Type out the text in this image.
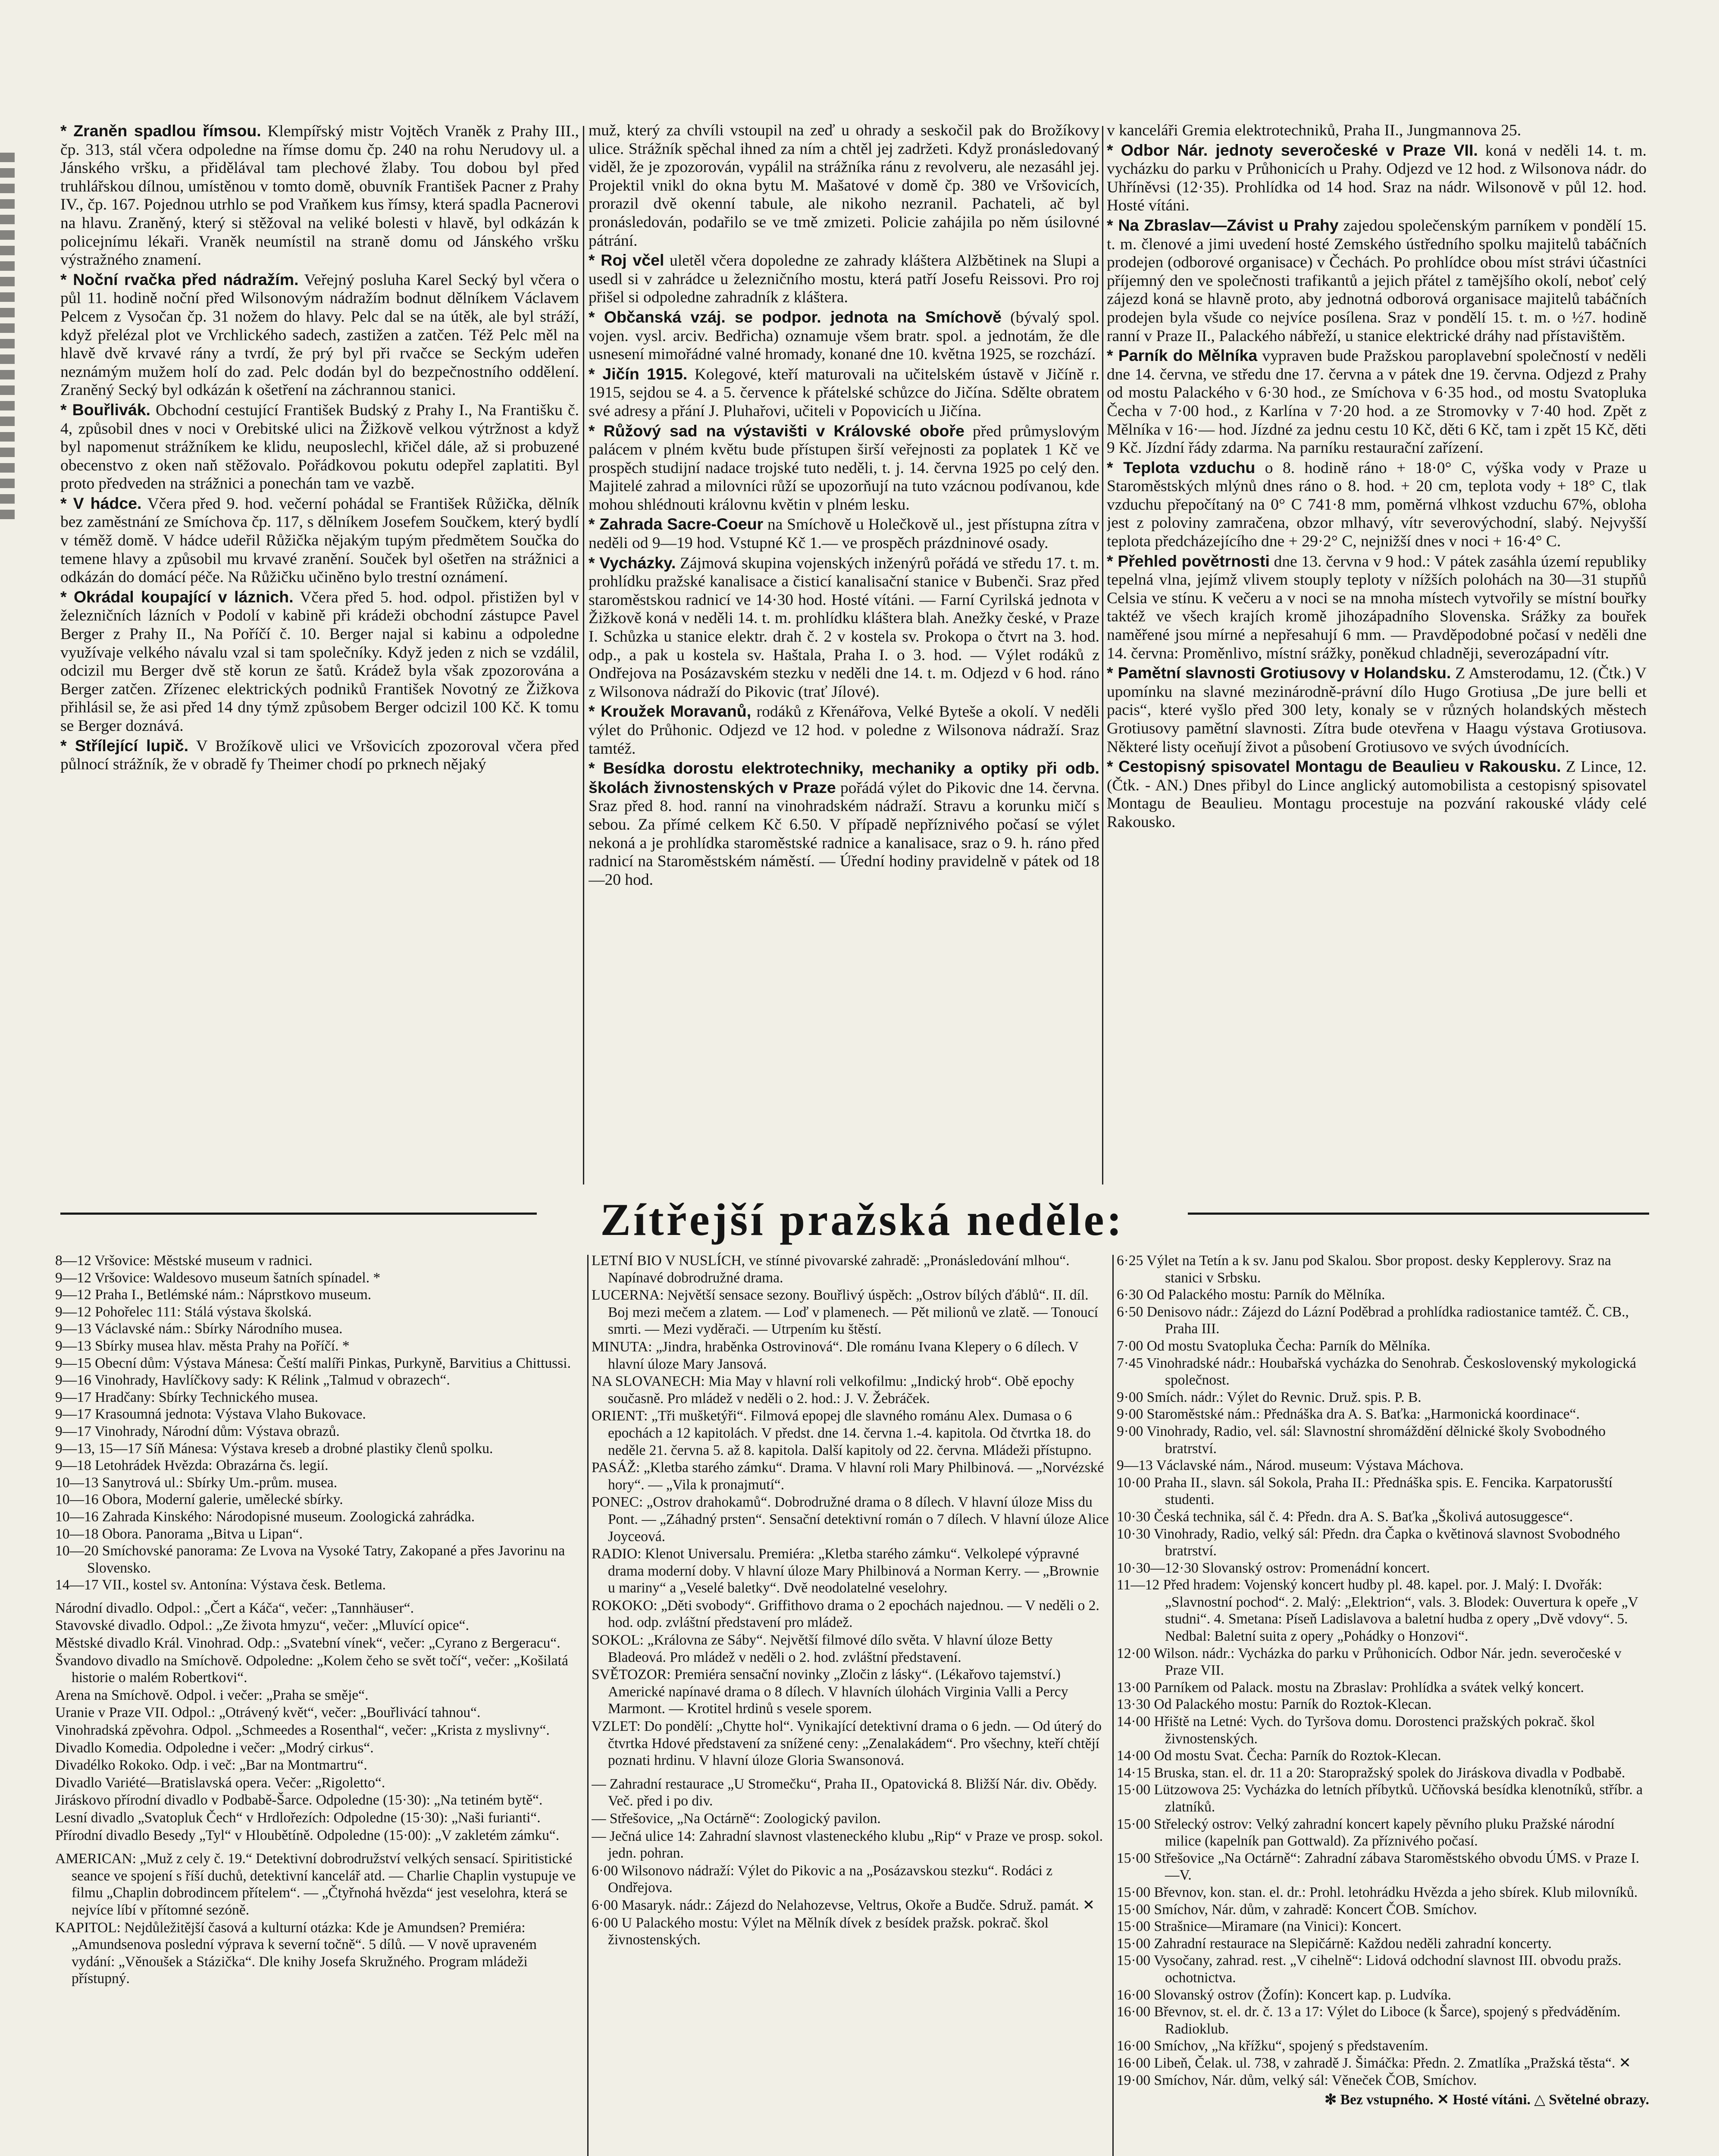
* Zraněn spadlou římsou. Klempířský mistr Vojtěch Vraněk z Prahy III., čp. 313, stál včera odpoledne na římse domu čp. 240 na rohu Nerudovy ul. a Jánského vršku, a přidělával tam plechové žlaby. Tou dobou byl před truhlářskou dílnou, umístěnou v tomto domě, obuvník František Pacner z Prahy IV., čp. 167. Pojednou utrhlo se pod Vraňkem kus římsy, která spadla Pacnerovi na hlavu. Zraněný, který si stěžoval na veliké bolesti v hlavě, byl odkázán k policejnímu lékaři. Vraněk neumístil na straně domu od Jánského vršku výstražného znamení.

* Noční rvačka před nádražím. Veřejný posluha Karel Secký byl včera o půl 11. hodině noční před Wilsonovým nádražím bodnut dělníkem Václavem Pelcem z Vysočan čp. 31 nožem do hlavy. Pelc dal se na útěk, ale byl stráží, když přelézal plot ve Vrchlického sadech, zastižen a zatčen. Též Pelc měl na hlavě dvě krvavé rány a tvrdí, že prý byl při rvačce se Seckým udeřen neznámým mužem holí do zad. Pelc dodán byl do bezpečnostního oddělení. Zraněný Secký byl odkázán k ošetření na záchrannou stanici.

* Bouřlivák. Obchodní cestující František Budský z Prahy I., Na Františku č. 4, způsobil dnes v noci v Orebitské ulici na Žižkově velkou výtržnost a když byl napomenut strážníkem ke klidu, neuposlechl, křičel dále, až si probuzené obecenstvo z oken naň stěžovalo. Pořádkovou pokutu odepřel zaplatiti. Byl proto předveden na strážnici a ponechán tam ve vazbě.

* V hádce. Včera před 9. hod. večerní pohádal se František Růžička, dělník bez zaměstnání ze Smíchova čp. 117, s dělníkem Josefem Součkem, který bydlí v téměž domě. V hádce udeřil Růžička nějakým tupým předmětem Součka do temene hlavy a způsobil mu krvavé zranění. Souček byl ošetřen na strážnici a odkázán do domácí péče. Na Růžičku učiněno bylo trestní oznámení.

* Okrádal koupající v láznich. Včera před 5. hod. odpol. přistižen byl v železničních lázních v Podolí v kabině při krádeži obchodní zástupce Pavel Berger z Prahy II., Na Poříčí č. 10. Berger najal si kabinu a odpoledne využívaje velkého návalu vzal si tam společníky. Když jeden z nich se vzdálil, odcizil mu Berger dvě stě korun ze šatů. Krádež byla však zpozorována a Berger zatčen. Zřízenec elektrických podniků František Novotný ze Žižkova přihlásil se, že asi před 14 dny týmž způsobem Berger odcizil 100 Kč. K tomu se Berger doznává.

* Střílející lupič. V Brožíkově ulici ve Vršovicích zpozoroval včera před půlnocí strážník, že v obradě fy Theimer chodí po prknech nějaký

muž, který za chvíli vstoupil na zeď u ohrady a seskočil pak do Brožíkovy ulice. Strážník spěchal ihned za ním a chtěl jej zadržeti. Když pronásledovaný viděl, že je zpozorován, vypálil na strážníka ránu z revolveru, ale nezasáhl jej. Projektil vnikl do okna bytu M. Mašatové v domě čp. 380 ve Vršovicích, prorazil dvě okenní tabule, ale nikoho nezranil. Pachateli, ač byl pronásledován, podařilo se ve tmě zmizeti. Policie zahájila po něm úsilovné pátrání.

* Roj včel uletěl včera dopoledne ze zahrady kláštera Alžbětinek na Slupi a usedl si v zahrádce u železničního mostu, která patří Josefu Reissovi. Pro roj přišel si odpoledne zahradník z kláštera.

* Občanská vzáj. se podpor. jednota na Smíchově (bývalý spol. vojen. vysl. arciv. Bedřicha) oznamuje všem bratr. spol. a jednotám, že dle usnesení mimořádné valné hromady, konané dne 10. května 1925, se rozchází.

* Jičín 1915. Kolegové, kteří maturovali na učitelském ústavě v Jičíně r. 1915, sejdou se 4. a 5. července k přátelské schůzce do Jičína. Sdělte obratem své adresy a přání J. Pluhařovi, učiteli v Popovicích u Jičína.

* Růžový sad na výstavišti v Královské oboře před průmyslovým palácem v plném květu bude přístupen širší veřejnosti za poplatek 1 Kč ve prospěch studijní nadace trojské tuto neděli, t. j. 14. června 1925 po celý den. Majitelé zahrad a milovníci růží se upozorňují na tuto vzácnou podívanou, kde mohou shlédnouti královnu květin v plném lesku.

* Zahrada Sacre-Coeur na Smíchově u Holečkově ul., jest přístupna zítra v neděli od 9—19 hod. Vstupné Kč 1.— ve prospěch prázdninové osady.

* Vycházky. Zájmová skupina vojenských inženýrů pořádá ve středu 17. t. m. prohlídku pražské kanalisace a čisticí kanalisační stanice v Bubenči. Sraz před staroměstskou radnicí ve 14·30 hod. Hosté vítáni. — Farní Cyrilská jednota v Žižkově koná v neděli 14. t. m. prohlídku kláštera blah. Anežky české, v Praze I. Schůzka u stanice elektr. drah č. 2 v kostela sv. Prokopa o čtvrt na 3. hod. odp., a pak u kostela sv. Haštala, Praha I. o 3. hod. — Výlet rodáků z Ondřejova na Posázavském stezku v neděli dne 14. t. m. Odjezd v 6 hod. ráno z Wilsonova nádraží do Pikovic (trať Jílové).

* Kroužek Moravanů, rodáků z Křenářova, Velké Byteše a okolí. V neděli výlet do Průhonic. Odjezd ve 12 hod. v poledne z Wilsonova nádraží. Sraz tamtéž.

* Besídka dorostu elektrotechniky, mechaniky a optiky při odb. školách živnostenských v Praze pořádá výlet do Pikovic dne 14. června. Sraz před 8. hod. ranní na vinohradském nádraží. Stravu a korunku mičí s sebou. Za přímé celkem Kč 6.50. V případě nepříznivého počasí se výlet nekoná a je prohlídka staroměstské radnice a kanalisace, sraz o 9. h. ráno před radnicí na Staroměstském náměstí. — Úřední hodiny pravidelně v pátek od 18—20 hod.

v kanceláři Gremia elektrotechniků, Praha II., Jungmannova 25.

* Odbor Nár. jednoty severočeské v Praze VII. koná v neděli 14. t. m. vycházku do parku v Průhonicích u Prahy. Odjezd ve 12 hod. z Wilsonova nádr. do Uhříněvsi (12·35). Prohlídka od 14 hod. Sraz na nádr. Wilsonově v půl 12. hod. Hosté vítáni.

* Na Zbraslav—Závist u Prahy zajedou společenským parníkem v pondělí 15. t. m. členové a jimi uvedení hosté Zemského ústředního spolku majitelů tabáčních prodejen (odborové organisace) v Čechách. Po prohlídce obou míst strávi účastníci příjemný den ve společnosti trafikantů a jejich přátel z tamějšího okolí, neboť celý zájezd koná se hlavně proto, aby jednotná odborová organisace majitelů tabáčních prodejen byla všude co nejvíce posílena. Sraz v pondělí 15. t. m. o ½7. hodině ranní v Praze II., Palackého nábřeží, u stanice elektrické dráhy nad přístavištěm.

* Parník do Mělníka vypraven bude Pražskou paroplavební společností v neděli dne 14. června, ve středu dne 17. června a v pátek dne 19. června. Odjezd z Prahy od mostu Palackého v 6·30 hod., ze Smíchova v 6·35 hod., od mostu Svatopluka Čecha v 7·00 hod., z Karlína v 7·20 hod. a ze Stromovky v 7·40 hod. Zpět z Mělníka v 16·— hod. Jízdné za jednu cestu 10 Kč, děti 6 Kč, tam i zpět 15 Kč, děti 9 Kč. Jízdní řády zdarma. Na parníku restaurační zařízení.

* Teplota vzduchu o 8. hodině ráno + 18·0° C, výška vody v Praze u Staroměstských mlýnů dnes ráno o 8. hod. + 20 cm, teplota vody + 18° C, tlak vzduchu přepočítaný na 0° C 741·8 mm, poměrná vlhkost vzduchu 67%, obloha jest z poloviny zamračena, obzor mlhavý, vítr severovýchodní, slabý. Nejvyšší teplota předcházejícího dne + 29·2° C, nejnižší dnes v noci + 16·4° C.

* Přehled povětrnosti dne 13. června v 9 hod.: V pátek zasáhla území republiky tepelná vlna, jejímž vlivem stouply teploty v nížších polohách na 30—31 stupňů Celsia ve stínu. K večeru a v noci se na mnoha místech vytvořily se místní bouřky taktéž ve všech krajích kromě jihozápadního Slovenska. Srážky za bouřek naměřené jsou mírné a nepřesahují 6 mm. — Pravděpodobné počasí v neděli dne 14. června: Proměnlivo, místní srážky, poněkud chladněji, severozápadní vítr.

* Pamětní slavnosti Grotiusovy v Holandsku. Z Amsterodamu, 12. (Čtk.) V upomínku na slavné mezinárodně-právní dílo Hugo Grotiusa „De jure belli et pacis“, které vyšlo před 300 lety, konaly se v různých holandských městech Grotiusovy pamětní slavnosti. Zítra bude otevřena v Haagu výstava Grotiusova. Některé listy oceňují život a působení Grotiusovo ve svých úvodnících.

* Cestopisný spisovatel Montagu de Beaulieu v Rakousku. Z Lince, 12. (Čtk. - AN.) Dnes přibyl do Lince anglický automobilista a cestopisný spisovatel Montagu de Beaulieu. Montagu procestuje na pozvání rakouské vlády celé Rakousko.

Zítřejší pražská neděle:

8—12 Vršovice: Městské museum v radnici.

9—12 Vršovice: Waldesovo museum šatních spínadel. *

9—12 Praha I., Betlémské nám.: Náprstkovo museum.

9—12 Pohořelec 111: Stálá výstava školská.

9—13 Václavské nám.: Sbírky Národního musea.

9—13 Sbírky musea hlav. města Prahy na Poříčí. *

9—15 Obecní dům: Výstava Mánesa: Čeští malíři Pinkas, Purkyně, Barvitius a Chittussi.

9—16 Vinohrady, Havlíčkovy sady: K Rélink „Talmud v obrazech“.

9—17 Hradčany: Sbírky Technického musea.

9—17 Krasoumná jednota: Výstava Vlaho Bukovace.

9—17 Vinohrady, Národní dům: Výstava obrazů.

9—13, 15—17 Síň Mánesa: Výstava kreseb a drobné plastiky členů spolku.

9—18 Letohrádek Hvězda: Obrazárna čs. legií.

10—13 Sanytrová ul.: Sbírky Um.-prům. musea.

10—16 Obora, Moderní galerie, umělecké sbírky.

10—16 Zahrada Kinského: Národopisné museum. Zoologická zahrádka.

10—18 Obora. Panorama „Bitva u Lipan“.

10—20 Smíchovské panorama: Ze Lvova na Vysoké Tatry, Zakopané a přes Javorinu na Slovensko.

14—17 VII., kostel sv. Antonína: Výstava česk. Betlema.

Národní divadlo. Odpol.: „Čert a Káča“, večer: „Tannhäuser“.

Stavovské divadlo. Odpol.: „Ze života hmyzu“, večer: „Mluvící opice“.

Městské divadlo Král. Vinohrad. Odp.: „Svatební vínek“, večer: „Cyrano z Bergeracu“.

Švandovo divadlo na Smíchově. Odpoledne: „Kolem čeho se svět točí“, večer: „Košilatá historie o malém Robertkovi“.

Arena na Smíchově. Odpol. i večer: „Praha se směje“.

Uranie v Praze VII. Odpol.: „Otrávený květ“, večer: „Bouřlivácí tahnou“.

Vinohradská zpěvohra. Odpol. „Schmeedes a Rosenthal“, večer: „Krista z myslivny“.

Divadlo Komedia. Odpoledne i večer: „Modrý cirkus“.

Divadélko Rokoko. Odp. i več: „Bar na Montmartru“.

Divadlo Variété—Bratislavská opera. Večer: „Rigoletto“.

Jiráskovo přírodní divadlo v Podbabě-Šarce. Odpoledne (15·30): „Na tetiném bytě“.

Lesní divadlo „Svatopluk Čech“ v Hrdlořezích: Odpoledne (15·30): „Naši furianti“.

Přírodní divadlo Besedy „Tyl“ v Hloubětíně. Odpoledne (15·00): „V zakletém zámku“.

AMERICAN: „Muž z cely č. 19.“ Detektivní dobrodružství velkých sensací. Spiritistické seance ve spojení s říší duchů, detektivní kancelář atd. — Charlie Chaplin vystupuje ve filmu „Chaplin dobrodincem přítelem“. — „Čtyřnohá hvězda“ jest veselohra, která se nejvíce líbí v přítomné sezóně.

KAPITOL: Nejdůležitější časová a kulturní otázka: Kde je Amundsen? Premiéra: „Amundsenova poslední výprava k severní točně“. 5 dílů. — V nově upraveném vydání: „Věnoušek a Stázička“. Dle knihy Josefa Skružného. Program mládeži přístupný.

LETNÍ BIO V NUSLÍCH, ve stínné pivovarské zahradě: „Pronásledování mlhou“. Napínavé dobrodružné drama.

LUCERNA: Největší sensace sezony. Bouřlivý úspěch: „Ostrov bílých ďáblů“. II. díl. Boj mezi mečem a zlatem. — Loď v plamenech. — Pět milionů ve zlatě. — Tonoucí smrti. — Mezi vyděrači. — Utrpením ku štěstí.

MINUTA: „Jindra, hraběnka Ostrovinová“. Dle románu Ivana Klepery o 6 dílech. V hlavní úloze Mary Jansová.

NA SLOVANECH: Mia May v hlavní roli velkofilmu: „Indický hrob“. Obě epochy současně. Pro mládež v neděli o 2. hod.: J. V. Žebráček.

ORIENT: „Tři mušketýři“. Filmová epopej dle slavného románu Alex. Dumasa o 6 epochách a 12 kapitolách. V předst. dne 14. června 1.-4. kapitola. Od čtvrtka 18. do neděle 21. června 5. až 8. kapitola. Další kapitoly od 22. června. Mládeži přístupno.

PASÁŽ: „Kletba starého zámku“. Drama. V hlavní roli Mary Philbinová. — „Norvézské hory“. — „Vila k pronajmutí“.

PONEC: „Ostrov drahokamů“. Dobrodružné drama o 8 dílech. V hlavní úloze Miss du Pont. — „Záhadný prsten“. Sensační detektivní román o 7 dílech. V hlavní úloze Alice Joyceová.

RADIO: Klenot Universalu. Premiéra: „Kletba starého zámku“. Velkolepé výpravné drama moderní doby. V hlavní úloze Mary Philbinová a Norman Kerry. — „Brownie u mariny“ a „Veselé baletky“. Dvě neodolatelné veselohry.

ROKOKO: „Děti svobody“. Griffithovo drama o 2 epochách najednou. — V neděli o 2. hod. odp. zvláštní představení pro mládež.

SOKOL: „Královna ze Sáby“. Největší filmové dílo světa. V hlavní úloze Betty Bladeová. Pro mládež v neděli o 2. hod. zvláštní představení.

SVĚTOZOR: Premiéra sensační novinky „Zločin z lásky“. (Lékařovo tajemství.) Americké napínavé drama o 8 dílech. V hlavních úlohách Virginia Valli a Percy Marmont. — Krotitel hrdinů s vesele sporem.

VZLET: Do pondělí: „Chytte hol“. Vynikající detektivní drama o 6 jedn. — Od úterý do čtvrtka Hdové představení za snížené ceny: „Zenalakádem“. Pro všechny, kteří chtějí poznati hrdinu. V hlavní úloze Gloria Swansonová.

— Zahradní restaurace „U Stromečku“, Praha II., Opatovická 8. Bližší Nár. div. Obědy. Več. před i po div.

— Střešovice, „Na Octárně“: Zoologický pavilon.

— Ječná ulice 14: Zahradní slavnost vlasteneckého klubu „Rip“ v Praze ve prosp. sokol. jedn. pohran.

6·00 Wilsonovo nádraží: Výlet do Pikovic a na „Posázavskou stezku“. Rodáci z Ondřejova.

6·00 Masaryk. nádr.: Zájezd do Nelahozevse, Veltrus, Okoře a Budče. Sdruž. památ. ✕

6·00 U Palackého mostu: Výlet na Mělník dívek z besídek pražsk. pokrač. škol živnostenských.

6·25 Výlet na Tetín a k sv. Janu pod Skalou. Sbor propost. desky Kepplerovy. Sraz na stanici v Srbsku.

6·30 Od Palackého mostu: Parník do Mělníka.

6·50 Denisovo nádr.: Zájezd do Lázní Poděbrad a prohlídka radiostanice tamtéž. Č. CB., Praha III.

7·00 Od mostu Svatopluka Čecha: Parník do Mělníka.

7·45 Vinohradské nádr.: Houbařská vycházka do Senohrab. Československý mykologická společnost.

9·00 Smích. nádr.: Výlet do Revnic. Druž. spis. P. B.

9·00 Staroměstské nám.: Přednáška dra A. S. Baťka: „Harmonická koordinace“.

9·00 Vinohrady, Radio, vel. sál: Slavnostní shromáždění dělnické školy Svobodného bratrství.

9—13 Václavské nám., Národ. museum: Výstava Máchova.

10·00 Praha II., slavn. sál Sokola, Praha II.: Přednáška spis. E. Fencika. Karpatorusští studenti.

10·30 Česká technika, sál č. 4: Předn. dra A. S. Baťka „Školivá autosuggesce“.

10·30 Vinohrady, Radio, velký sál: Předn. dra Čapka o květinová slavnost Svobodného bratrství.

10·30—12·30 Slovanský ostrov: Promenádní koncert.

11—12 Před hradem: Vojenský koncert hudby pl. 48. kapel. por. J. Malý: I. Dvořák: „Slavnostní pochod“. 2. Malý: „Elektrion“, vals. 3. Blodek: Ouvertura k opeře „V studni“. 4. Smetana: Píseň Ladislavova a baletní hudba z opery „Dvě vdovy“. 5. Nedbal: Baletní suita z opery „Pohádky o Honzovi“.

12·00 Wilson. nádr.: Vycházka do parku v Průhonicích. Odbor Nár. jedn. severočeské v Praze VII.

13·00 Parníkem od Palack. mostu na Zbraslav: Prohlídka a svátek velký koncert.

13·30 Od Palackého mostu: Parník do Roztok-Klecan.

14·00 Hřiště na Letné: Vych. do Tyršova domu. Dorostenci pražských pokrač. škol živnostenských.

14·00 Od mostu Svat. Čecha: Parník do Roztok-Klecan.

14·15 Bruska, stan. el. dr. 11 a 20: Staropražský spolek do Jiráskova divadla v Podbabě.

15·00 Lützowova 25: Vycházka do letních příbytků. Učňovská besídka klenotníků, stříbr. a zlatníků.

15·00 Střelecký ostrov: Velký zahradní koncert kapely pěvního pluku Pražské národní milice (kapelník pan Gottwald). Za příznivého počasí.

15·00 Střešovice „Na Octárně“: Zahradní zábava Staroměstského obvodu ÚMS. v Praze I.—V.

15·00 Břevnov, kon. stan. el. dr.: Prohl. letohrádku Hvězda a jeho sbírek. Klub milovníků.

15·00 Smíchov, Nár. dům, v zahradě: Koncert ČOB. Smíchov.

15·00 Strašnice—Miramare (na Vinici): Koncert.

15·00 Zahradní restaurace na Slepičárně: Každou neděli zahradní koncerty.

15·00 Vysočany, zahrad. rest. „V cihelně“: Lidová odchodní slavnost III. obvodu pražs. ochotnictva.

16·00 Slovanský ostrov (Žofín): Koncert kap. p. Ludvíka.

16·00 Břevnov, st. el. dr. č. 13 a 17: Výlet do Liboce (k Šarce), spojený s předváděním. Radioklub.

16·00 Smíchov, „Na křížku“, spojený s představením.

16·00 Libeň, Čelak. ul. 738, v zahradě J. Šimáčka: Předn. 2. Zmatlíka „Pražská těsta“. ✕

19·00 Smíchov, Nár. dům, velký sál: Věneček ČOB, Smíchov.

✻ Bez vstupného. ✕ Hosté vítáni. △ Světelné obrazy.
